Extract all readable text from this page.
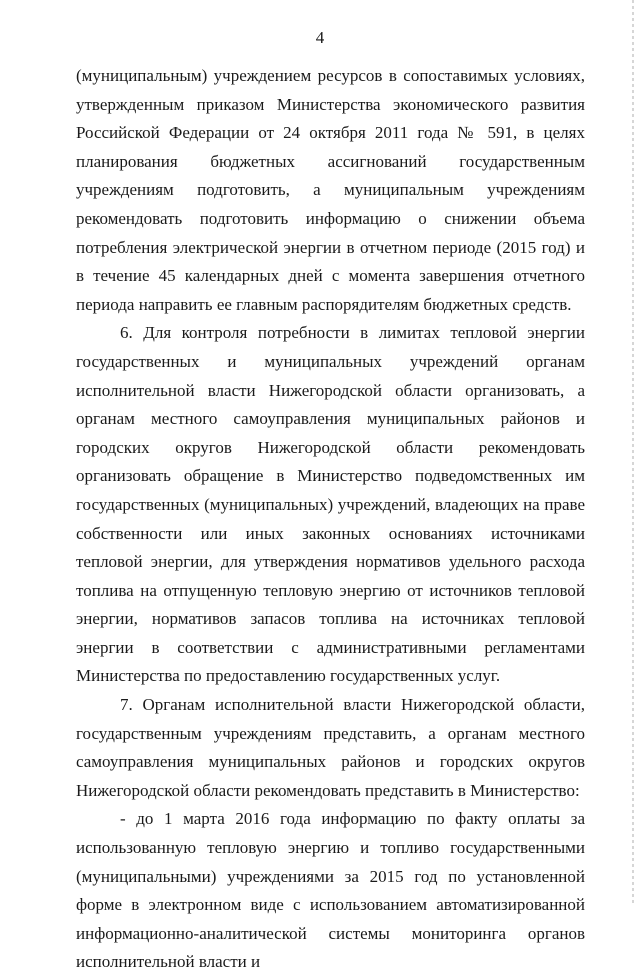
4

(муниципальным) учреждением ресурсов в сопоставимых условиях, утвержденным приказом Министерства экономического развития Российской Федерации от 24 октября 2011 года № 591, в целях планирования бюджетных ассигнований государственным учреждениям подготовить, а муниципальным учреждениям рекомендовать подготовить информацию о снижении объема потребления электрической энергии в отчетном периоде (2015 год) и в течение 45 календарных дней с момента завершения отчетного периода направить ее главным распорядителям бюджетных средств.

6. Для контроля потребности в лимитах тепловой энергии государственных и муниципальных учреждений органам исполнительной власти Нижегородской области организовать, а органам местного самоуправления муниципальных районов и городских округов Нижегородской области рекомендовать организовать обращение в Министерство подведомственных им государственных (муниципальных) учреждений, владеющих на праве собственности или иных законных основаниях источниками тепловой энергии, для утверждения нормативов удельного расхода топлива на отпущенную тепловую энергию от источников тепловой энергии, нормативов запасов топлива на источниках тепловой энергии в соответствии с административными регламентами Министерства по предоставлению государственных услуг.

7. Органам исполнительной власти Нижегородской области, государственным учреждениям представить, а органам местного самоуправления муниципальных районов и городских округов Нижегородской области рекомендовать представить в Министерство:

- до 1 марта 2016 года информацию по факту оплаты за использованную тепловую энергию и топливо государственными (муниципальными) учреждениями за 2015 год по установленной форме в электронном виде с использованием автоматизированной информационно-аналитической системы мониторинга органов исполнительной власти и
